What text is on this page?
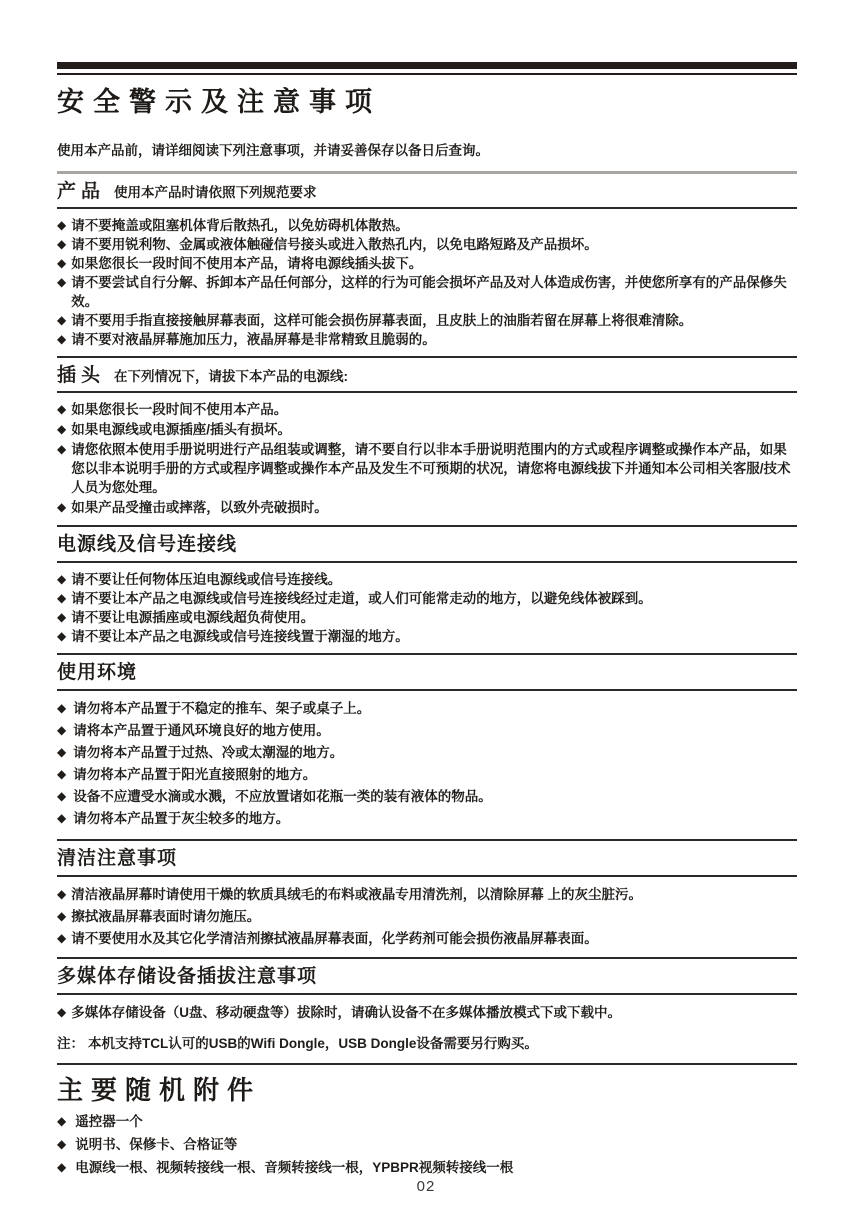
安全警示及注意事项

使用本产品前，请详细阅读下列注意事项，并请妥善保存以备日后查询。

产品 使用本产品时请依照下列规范要求
◆ 请不要掩盖或阻塞机体背后散热孔，以免妨碍机体散热。
◆ 请不要用锐利物、金属或液体触碰信号接头或进入散热孔内，以免电路短路及产品损坏。
◆ 如果您很长一段时间不使用本产品，请将电源线插头拔下。
◆ 请不要尝试自行分解、拆卸本产品任何部分，这样的行为可能会损坏产品及对人体造成伤害，并使您所享有的产品保修失效。
◆ 请不要用手指直接接触屏幕表面，这样可能会损伤屏幕表面，且皮肤上的油脂若留在屏幕上将很难清除。
◆ 请不要对液晶屏幕施加压力，液晶屏幕是非常精致且脆弱的。
插头 在下列情况下，请拔下本产品的电源线:
◆ 如果您很长一段时间不使用本产品。
◆ 如果电源线或电源插座/插头有损坏。
◆ 请您依照本使用手册说明进行产品组装或调整，请不要自行以非本手册说明范围内的方式或程序调整或操作本产品，如果您以非本说明手册的方式或程序调整或操作本产品及发生不可预期的状况，请您将电源线拔下并通知本公司相关客服/技术人员为您处理。
◆ 如果产品受撞击或摔落，以致外壳破损时。
电源线及信号连接线
◆ 请不要让任何物体压迫电源线或信号连接线。
◆ 请不要让本产品之电源线或信号连接线经过走道，或人们可能常走动的地方，以避免线体被踩到。
◆ 请不要让电源插座或电源线超负荷使用。
◆ 请不要让本产品之电源线或信号连接线置于潮湿的地方。
使用环境
◆ 请勿将本产品置于不稳定的推车、架子或桌子上。
◆ 请将本产品置于通风环境良好的地方使用。
◆ 请勿将本产品置于过热、冷或太潮湿的地方。
◆ 请勿将本产品置于阳光直接照射的地方。
◆ 设备不应遭受水滴或水溅，不应放置诸如花瓶一类的装有液体的物品。
◆ 请勿将本产品置于灰尘较多的地方。
清洁注意事项
◆ 清洁液晶屏幕时请使用干燥的软质具绒毛的布料或液晶专用清洗剂，以清除屏幕 上的灰尘脏污。
◆ 擦拭液晶屏幕表面时请勿施压。
◆ 请不要使用水及其它化学清洁剂擦拭液晶屏幕表面，化学药剂可能会损伤液晶屏幕表面。
多媒体存储设备插拔注意事项
◆ 多媒体存储设备（U盘、移动硬盘等）拔除时，请确认设备不在多媒体播放模式下或下载中。
注： 本机支持TCL认可的USB的Wifi Dongle，USB Dongle设备需要另行购买。
主要随机附件
◆ 遥控器一个
◆ 说明书、保修卡、合格证等
◆ 电源线一根、视频转接线一根、音频转接线一根，YPBPR视频转接线一根
02
